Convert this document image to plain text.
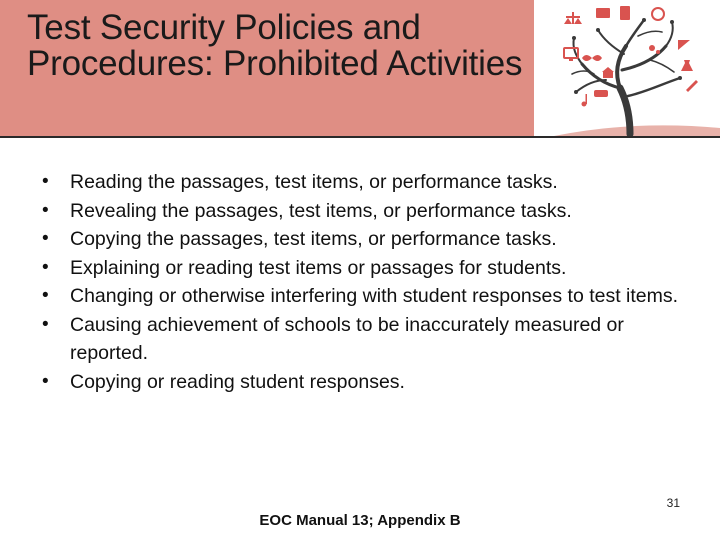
Test Security Policies and Procedures: Prohibited Activities
• Reading the passages, test items, or performance tasks.
• Revealing the passages, test items, or performance tasks.
• Copying the passages, test items, or performance tasks.
• Explaining or reading test items or passages for students.
• Changing or otherwise interfering with student responses to test items.
• Causing achievement of schools to be inaccurately measured or reported.
• Copying or reading student responses.
31
EOC Manual 13; Appendix B
